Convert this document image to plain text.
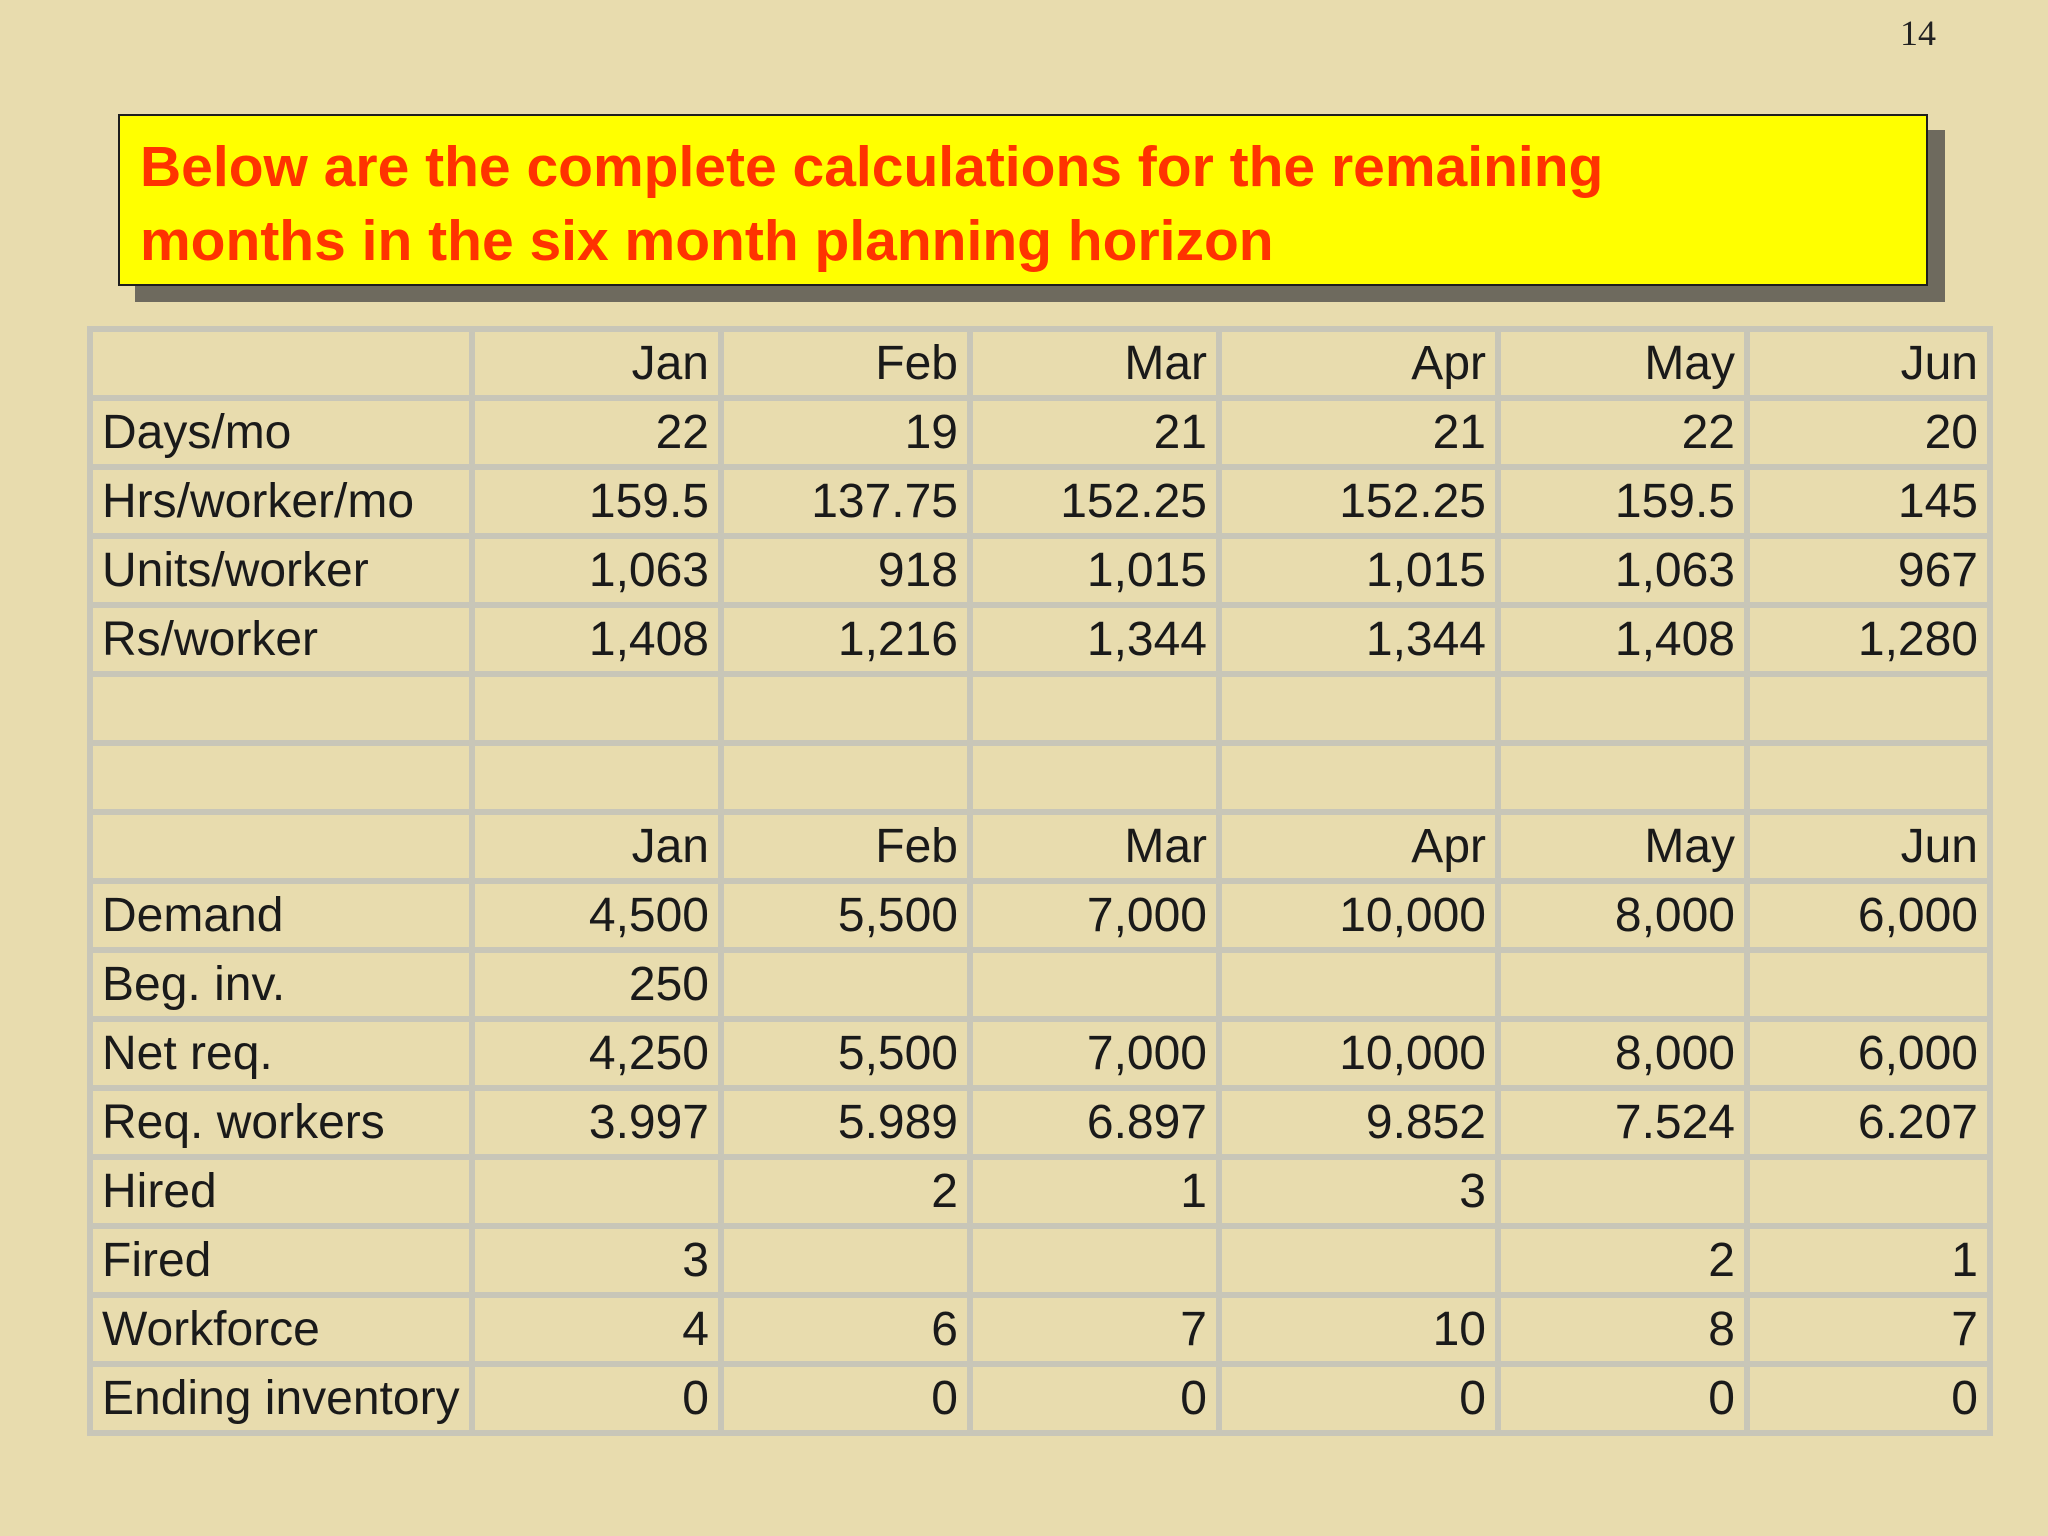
14
Below are the complete calculations for the remaining
months in the six month planning horizon
	Jan	Feb	Mar	Apr	May	Jun
Days/mo	22	19	21	21	22	20
Hrs/worker/mo	159.5	137.75	152.25	152.25	159.5	145
Units/worker	1,063	918	1,015	1,015	1,063	967
Rs/worker	1,408	1,216	1,344	1,344	1,408	1,280

	Jan	Feb	Mar	Apr	May	Jun
Demand	4,500	5,500	7,000	10,000	8,000	6,000
Beg. inv.	250					
Net req.	4,250	5,500	7,000	10,000	8,000	6,000
Req. workers	3.997	5.989	6.897	9.852	7.524	6.207
Hired		2	1	3		
Fired	3				2	1
Workforce	4	6	7	10	8	7
Ending inventory	0	0	0	0	0	0
